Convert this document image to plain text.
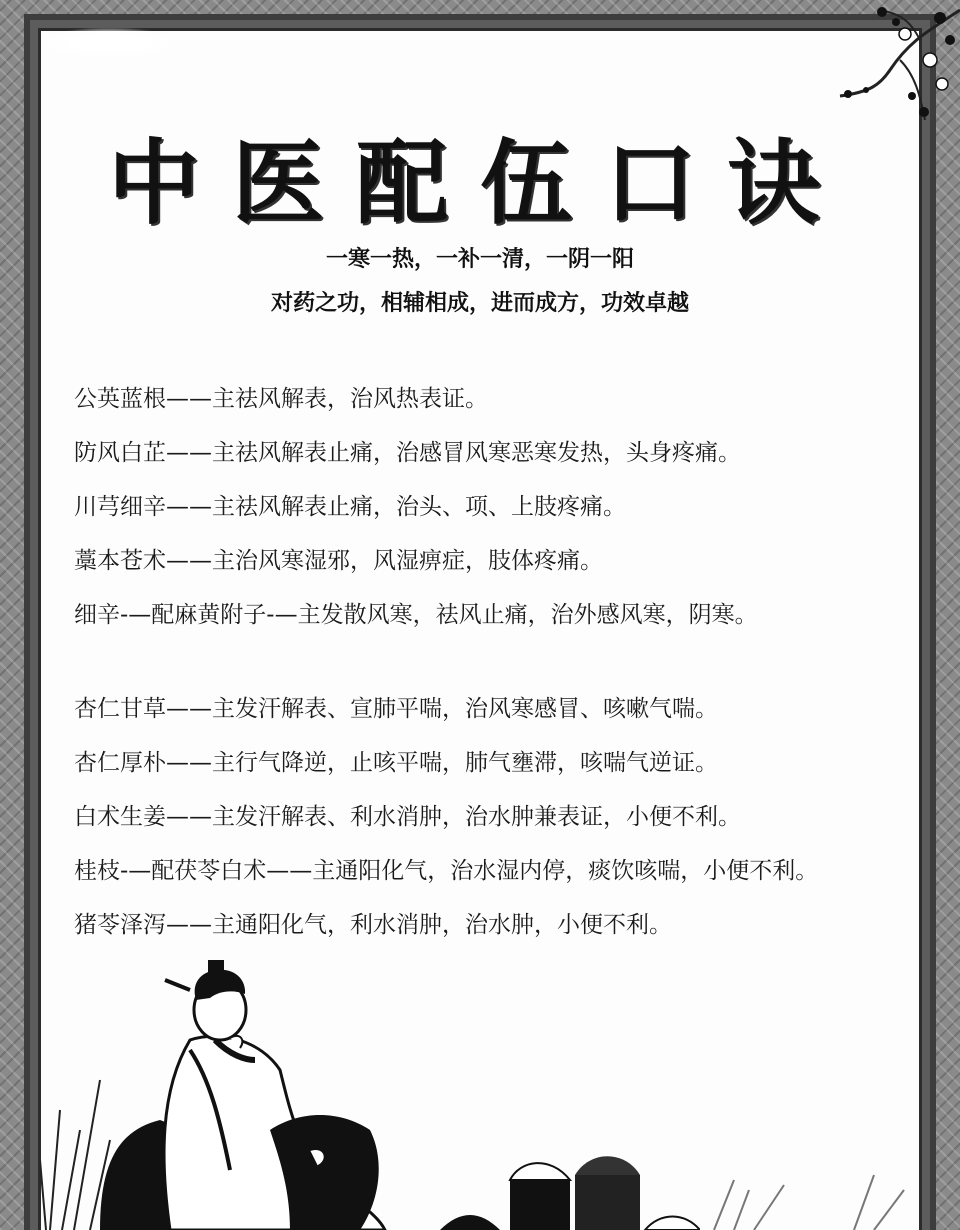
中医配伍口诀
一寒一热，一补一清，一阴一阳
对药之功，相辅相成，进而成方，功效卓越
公英蓝根——主祛风解表，治风热表证。
防风白芷——主祛风解表止痛，治感冒风寒恶寒发热，头身疼痛。
川芎细辛——主祛风解表止痛，治头、项、上肢疼痛。
藁本苍术——主治风寒湿邪，风湿痹症，肢体疼痛。
细辛-—配麻黄附子-—主发散风寒，祛风止痛，治外感风寒，阴寒。
杏仁甘草——主发汗解表、宣肺平喘，治风寒感冒、咳嗽气喘。
杏仁厚朴——主行气降逆，止咳平喘，肺气壅滞，咳喘气逆证。
白术生姜——主发汗解表、利水消肿，治水肿兼表证，小便不利。
桂枝-—配茯苓白术——主通阳化气，治水湿内停，痰饮咳喘，小便不利。
猪苓泽泻——主通阳化气，利水消肿，治水肿，小便不利。
